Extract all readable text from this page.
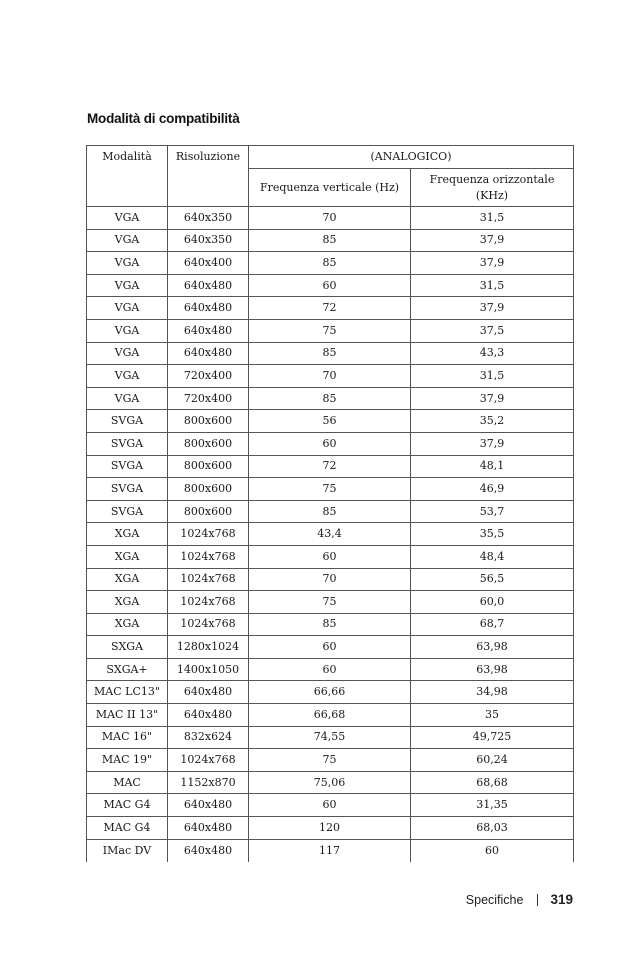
Modalità di compatibilità
Modalità	Risoluzione	(ANALOGICO)	
		Frequenza verticale (Hz)	Frequenza orizzontale (KHz)
VGA	640x350	70	31,5
VGA	640x350	85	37,9
VGA	640x400	85	37,9
VGA	640x480	60	31,5
VGA	640x480	72	37,9
VGA	640x480	75	37,5
VGA	640x480	85	43,3
VGA	720x400	70	31,5
VGA	720x400	85	37,9
SVGA	800x600	56	35,2
SVGA	800x600	60	37,9
SVGA	800x600	72	48,1
SVGA	800x600	75	46,9
SVGA	800x600	85	53,7
XGA	1024x768	43,4	35,5
XGA	1024x768	60	48,4
XGA	1024x768	70	56,5
XGA	1024x768	75	60,0
XGA	1024x768	85	68,7
SXGA	1280x1024	60	63,98
SXGA+	1400x1050	60	63,98
MAC LC13"	640x480	66,66	34,98
MAC II 13"	640x480	66,68	35
MAC 16"	832x624	74,55	49,725
MAC 19"	1024x768	75	60,24
MAC	1152x870	75,06	68,68
MAC G4	640x480	60	31,35
MAC G4	640x480	120	68,03
IMac DV	640x480	117	60
Specifiche 319
